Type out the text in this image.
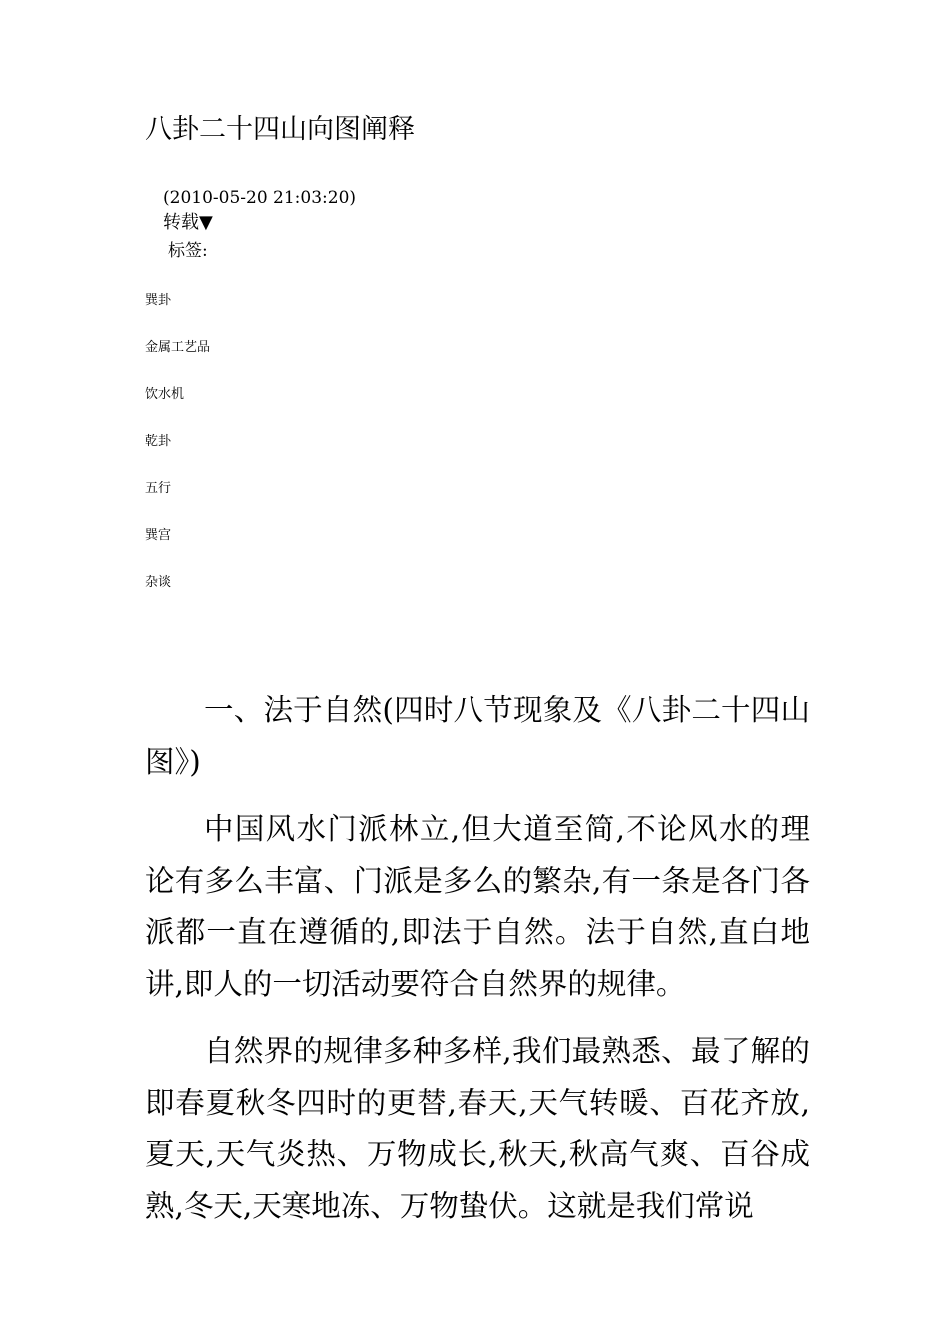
八卦二十四山向图阐释
(2010-05-20 21:03:20)
转载▼
标签:
巽卦
金属工艺品
饮水机
乾卦
五行
巽宫
杂谈

一、法于自然(四时八节现象及《八卦二十四山图》)

中国风水门派林立,但大道至简,不论风水的理论有多么丰富、门派是多么的繁杂,有一条是各门各派都一直在遵循的,即法于自然。法于自然,直白地讲,即人的一切活动要符合自然界的规律。

自然界的规律多种多样,我们最熟悉、最了解的即春夏秋冬四时的更替,春天,天气转暖、百花齐放,夏天,天气炎热、万物成长,秋天,秋高气爽、百谷成熟,冬天,天寒地冻、万物蛰伏。这就是我们常说
